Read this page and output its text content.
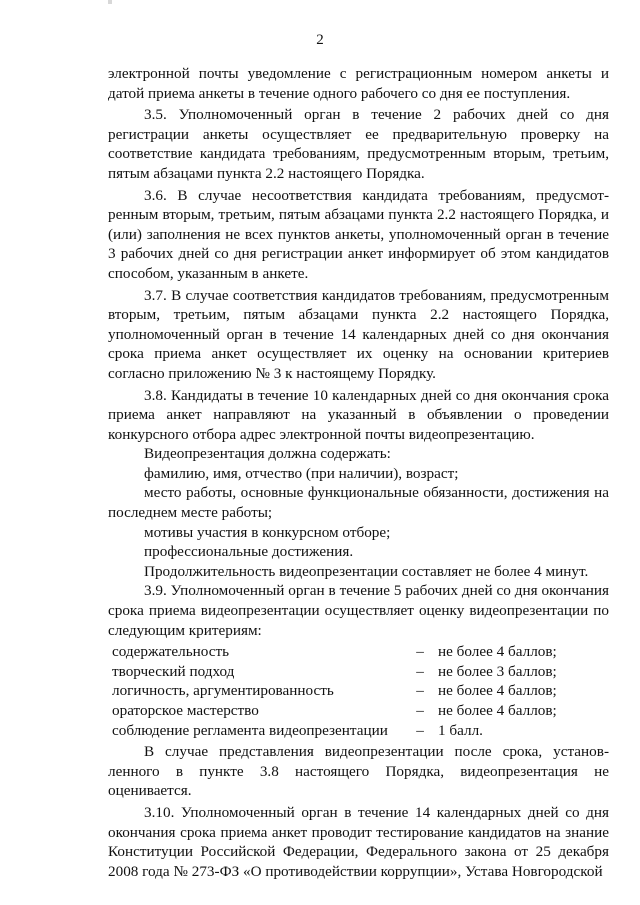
2

электронной почты уведомление с регистрационным номером анкеты и датой приема анкеты в течение одного рабочего со дня ее поступления.

3.5. Уполномоченный орган в течение 2 рабочих дней со дня регистрации анкеты осуществляет ее предварительную проверку на соответствие кандидата требованиям, предусмотренным вторым, третьим, пятым абзацами пункта 2.2 настоящего Порядка.

3.6. В случае несоответствия кандидата требованиям, предусмотренным вторым, третьим, пятым абзацами пункта 2.2 настоящего Порядка, и (или) заполнения не всех пунктов анкеты, уполномоченный орган в течение 3 рабочих дней со дня регистрации анкет информирует об этом кандидатов способом, указанным в анкете.

3.7. В случае соответствия кандидатов требованиям, предусмотренным вторым, третьим, пятым абзацами пункта 2.2 настоящего Порядка, уполномоченный орган в течение 14 календарных дней со дня окончания срока приема анкет осуществляет их оценку на основании критериев согласно приложению № 3 к настоящему Порядку.

3.8. Кандидаты в течение 10 календарных дней со дня окончания срока приема анкет направляют на указанный в объявлении о проведении конкурсного отбора адрес электронной почты видеопрезентацию.

Видеопрезентация должна содержать:

фамилию, имя, отчество (при наличии), возраст;

место работы, основные функциональные обязанности, достижения на последнем месте работы;

мотивы участия в конкурсном отборе;

профессиональные достижения.

Продолжительность видеопрезентации составляет не более 4 минут.

3.9. Уполномоченный орган в течение 5 рабочих дней со дня окончания срока приема видеопрезентации осуществляет оценку видеопрезентации по следующим критериям:

содержательность	– не более 4 баллов;
творческий подход	– не более 3 баллов;
логичность, аргументированность	– не более 4 баллов;
ораторское мастерство	– не более 4 баллов;
соблюдение регламента видеопрезентации	– 1 балл.

В случае представления видеопрезентации после срока, установленного в пункте 3.8 настоящего Порядка, видеопрезентация не оценивается.

3.10. Уполномоченный орган в течение 14 календарных дней со дня окончания срока приема анкет проводит тестирование кандидатов на знание Конституции Российской Федерации, Федерального закона от 25 декабря 2008 года № 273-ФЗ «О противодействии коррупции», Устава Новгородской
